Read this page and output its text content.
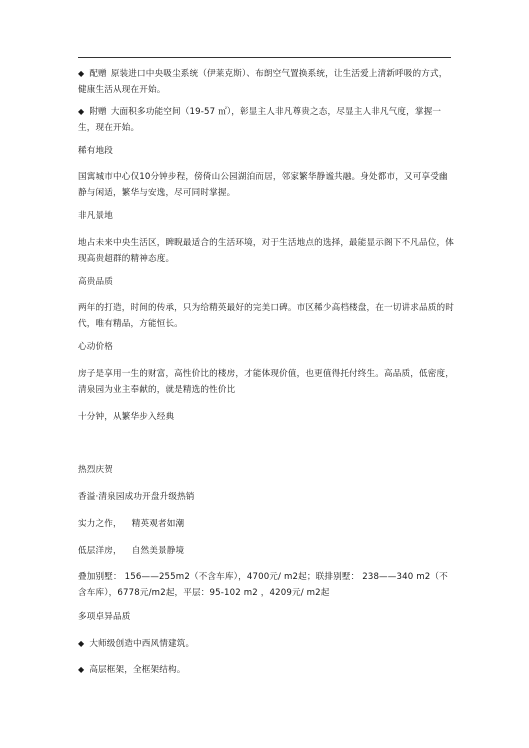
◆ 配赠 原装进口中央吸尘系统（伊莱克斯）、布朗空气置换系统，让生活爱上清新呼吸的方式，健康生活从现在开始。
◆ 附赠 大面积多功能空间（19-57 ㎡），彰显主人非凡尊贵之态，尽显主人非凡气度，掌握一生，现在开始。
稀有地段
国寓城市中心仅10分钟步程，傍倚山公园湖泊而居，邻家繁华静谧共融。身处都市，又可享受幽静与闲适，繁华与安逸，尽可同时掌握。
非凡景地
地占未来中央生活区，睥睨最适合的生活环境，对于生活地点的选择，最能显示阁下不凡品位，体现高贵超群的精神态度。
高贵品质
两年的打造，时间的传承，只为给精英最好的完美口碑。市区稀少高档楼盘，在一切讲求品质的时代，唯有精品，方能恒长。
心动价格
房子是享用一生的财富，高性价比的楼房，才能体现价值，也更值得托付终生。高品质，低密度，清泉园为业主奉献的，就是精选的性价比
十分钟，从繁华步入经典
热烈庆贺
香溢·清泉园成功开盘升级热销
实力之作， 精英观者如潮
低层洋房， 自然美景静境
叠加别墅： 156——255m2（不含车库），4700元/ m2起；联排别墅： 238——340 m2（不含车库），6778元/m2起，平层：95-102 m2 ，4209元/ m2起
多项卓异品质
◆ 大师级创造中西风情建筑。
◆ 高层框架，全框架结构。
